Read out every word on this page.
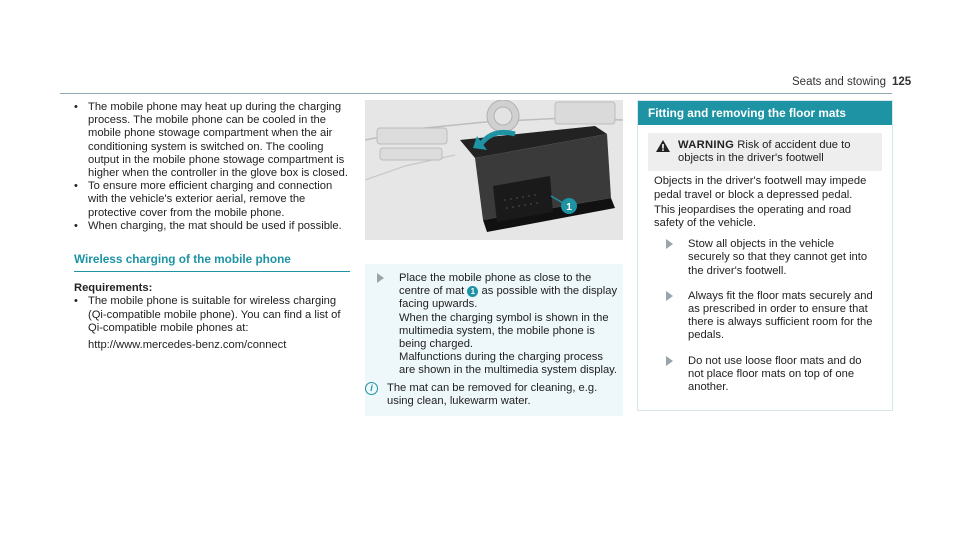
Seats and stowing 125
• The mobile phone may heat up during the charging process. The mobile phone can be cooled in the mobile phone stowage compartment when the air conditioning system is switched on. The cooling output in the mobile phone stowage compartment is higher when the controller in the glove box is closed.
• To ensure more efficient charging and connection with the vehicle's exterior aerial, remove the protective cover from the mobile phone.
• When charging, the mat should be used if possible.
Wireless charging of the mobile phone
Requirements:
• The mobile phone is suitable for wireless charging (Qi-compatible mobile phone). You can find a list of Qi-compatible mobile phones at:
http://www.mercedes-benz.com/connect
1
Place the mobile phone as close to the centre of mat 1 as possible with the display facing upwards.
When the charging symbol is shown in the multimedia system, the mobile phone is being charged.
Malfunctions during the charging process are shown in the multimedia system display.
i	The mat can be removed for cleaning, e.g. using clean, lukewarm water.
Fitting and removing the floor mats
WARNING Risk of accident due to objects in the driver's footwell

Objects in the driver's footwell may impede pedal travel or block a depressed pedal.

This jeopardises the operating and road safety of the vehicle.

Stow all objects in the vehicle securely so that they cannot get into the driver's footwell.
Always fit the floor mats securely and as prescribed in order to ensure that there is always sufficient room for the pedals.
Do not use loose floor mats and do not place floor mats on top of one another.
